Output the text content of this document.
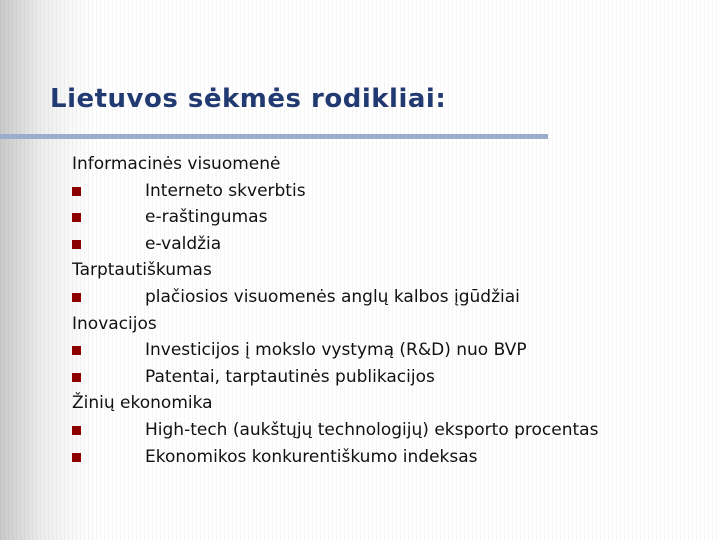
Lietuvos sėkmės rodikliai:
Informacinės visuomenė
Interneto skverbtis
e-raštingumas
e-valdžia
Tarptautiškumas
plačiosios visuomenės anglų kalbos įgūdžiai
Inovacijos
Investicijos į mokslo vystymą (R&D) nuo BVP
Patentai, tarptautinės publikacijos
Žinių ekonomika
High-tech (aukštųjų technologijų) eksporto procentas
Ekonomikos konkurentiškumo indeksas
